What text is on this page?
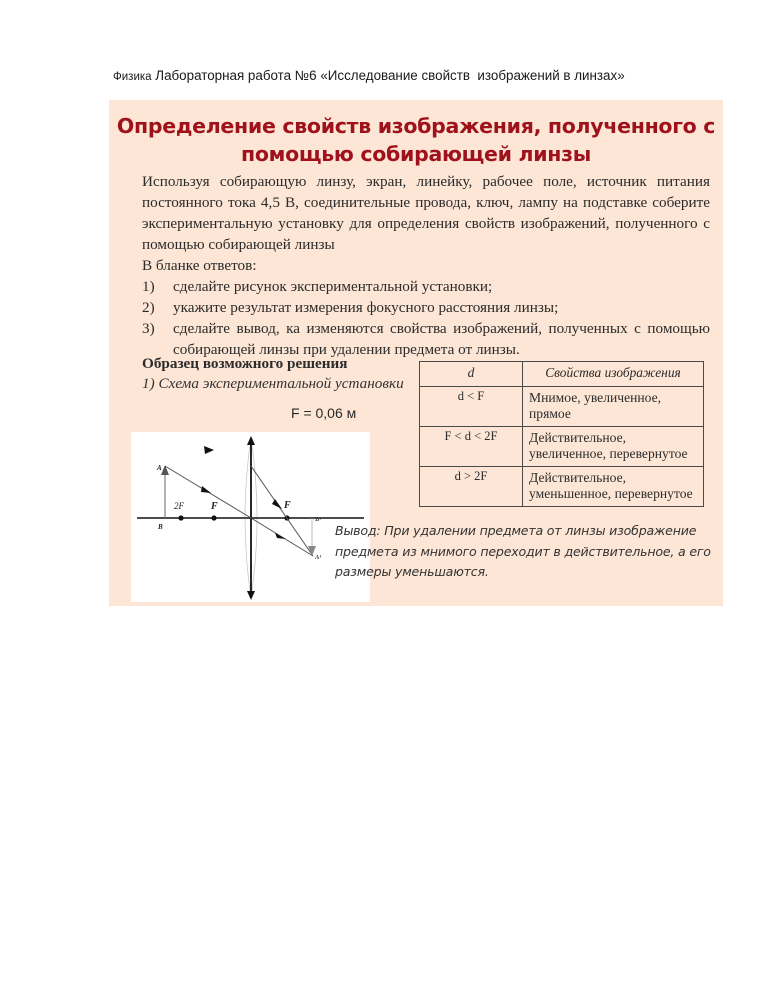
Физика Лабораторная работа №6 «Исследование свойств  изображений в линзах»
Определение свойств изображения, полученного с
помощью собирающей линзы
Используя собирающую линзу, экран, линейку, рабочее поле, источник питания
постоянного тока 4,5 В, соединительные провода, ключ, лампу на подставке соберите
экспериментальную установку для определения свойств изображений, полученного с
помощью собирающей линзы
В бланке ответов:
1)	сделайте рисунок экспериментальной установки;
2)	укажите результат измерения фокусного расстояния линзы;
3)	сделайте вывод, ка изменяются свойства изображений, полученных с помощью собирающей линзы при удалении предмета от линзы.
Образец возможного решения
1) Схема экспериментальной установки
F = 0,06 м
d	Свойства изображения
d < F	Мнимое, увеличенное, прямое
F < d < 2F	Действительное, увеличенное, перевернутое
d > 2F	Действительное, уменьшенное, перевернутое
A
B
2F	F	F
B¹
A¹
Вывод: При удалении предмета от линзы изображение предмета из мнимого переходит в действительное, а его размеры уменьшаются.
